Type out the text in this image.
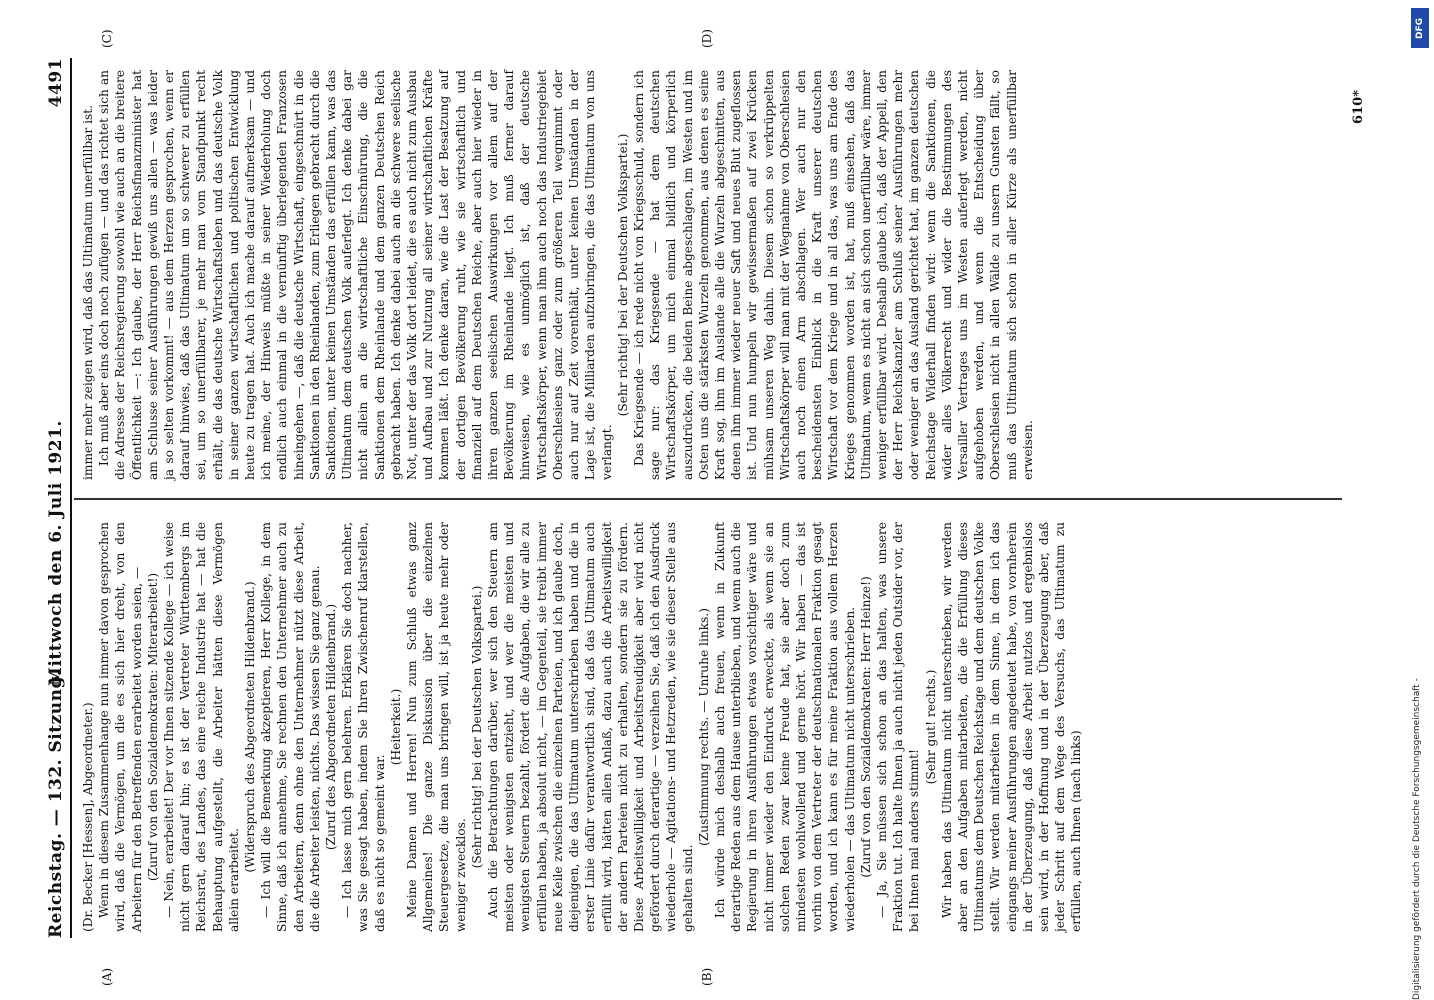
Reichstag. — 132. Sitzung.
Mittwoch den 6. Juli 1921.  4491
(A)	(B)
(C)	(D)

(Dr. Becker [Hessen], Abgeordneter.) Wenn in diesem Zusammenhange nun immer davon gesprochen wird, daß die Vermögen, um die es sich hier dreht, von den Arbeitern für den Betreffenden erarbeitet worden seien, — (Zuruf von den Sozialdemokraten: Miterarbeitet!) — Nein, erarbeitet! Der vor Ihnen sitzende Kollege — ich weise nicht gern darauf hin; es ist der Vertreter Württembergs im Reichsrat, des Landes, das eine reiche Industrie hat — hat die Behauptung aufgestellt, die Arbeiter hätten diese Vermögen allein erarbeitet.

(Widerspruch des Abgeordneten Hildenbrand.) — Ich will die Bemerkung akzeptieren, Herr Kollege, in dem Sinne, daß ich annehme, Sie rechnen den Unternehmer auch zu den Arbeitern, denn ohne den Unternehmer nützt diese Arbeit, die die Arbeiter leisten, nichts. Das wissen Sie ganz genau. (Zuruf des Abgeordneten Hildenbrand.) — Ich lasse mich gern belehren. Erklären Sie doch nachher, was Sie gesagt haben, indem Sie Ihren Zwischenruf klarstellen, daß es nicht so gemeint war.

(Heiterkeit.) Meine Damen und Herren! Nun zum Schluß etwas ganz Allgemeines! Die ganze Diskussion über die einzelnen Steuergesetze, die man uns bringen will, ist ja heute mehr oder weniger zwecklos.

(Sehr richtig! bei der Deutschen Volkspartei.) Auch die Betrachtungen darüber, wer sich den Steuern am meisten oder wenigsten entzieht, und wer die meisten und wenigsten Steuern bezahlt, fördert die Aufgaben, die wir alle zu erfüllen haben, ja absolut nicht, — im Gegenteil, sie treibt immer neue Keile zwischen die einzelnen Parteien, und ich glaube doch, diejenigen, die das Ultimatum unterschrieben haben und die in erster Linie dafür verantwortlich sind, daß das Ultimatum auch erfüllt wird, hätten allen Anlaß, dazu auch die Arbeitswilligkeit der andern Parteien nicht zu erhalten, sondern sie zu fördern. Diese Arbeitswilligkeit und Arbeitsfreudigkeit aber wird nicht gefördert durch derartige — verzeihen Sie, daß ich den Ausdruck wiederhole — Agitations- und Hetzreden, wie sie dieser Stelle aus gehalten sind.

(Zustimmung rechts. — Unruhe links.) Ich würde mich deshalb auch freuen, wenn in Zukunft derartige Reden aus dem Hause unterblieben, und wenn auch die Regierung in ihren Ausführungen etwas vorsichtiger wäre und nicht immer wieder den Eindruck erweckte, als wenn sie an solchen Reden zwar keine Freude hat, sie aber doch zum mindesten wohlwollend und gerne hört. Wir haben — das ist vorhin von dem Vertreter der deutschnationalen Fraktion gesagt worden, und ich kann es für meine Fraktion aus vollem Herzen wiederholen — das Ultimatum nicht unterschrieben. (Zuruf von den Sozialdemokraten: Herr Heinze!) — Ja, Sie müssen sich schon an das halten, was unsere Fraktion tut. Ich halte Ihnen ja auch nicht jeden Outsider vor, der bei Ihnen mal anders stimmt!

(Sehr gut! rechts.) Wir haben das Ultimatum nicht unterschrieben, wir werden aber an den Aufgaben mitarbeiten, die die Erfüllung dieses Ultimatums dem Deutschen Reichstage und dem deutschen Volke stellt. Wir werden mitarbeiten in dem Sinne, in dem ich das eingangs meiner Ausführungen angedeutet habe, von vornherein in der Überzeugung, daß diese Arbeit nutzlos und ergebnislos sein wird, in der Hoffnung und in der Überzeugung aber, daß jeder Schritt auf dem Wege des Versuchs, das Ultimatum zu erfüllen, auch Ihnen (nach links)

immer mehr zeigen wird, daß das Ultimatum unerfüllbar ist. Ich muß aber eins doch noch zufügen — und das richtet sich an die Adresse der Reichsregierung sowohl wie auch an die breitere Öffentlichkeit —: Ich glaube, der Herr Reichsfinanzminister hat am Schlusse seiner Ausführungen gewiß uns allen — was leider ja so selten vorkommt! — aus dem Herzen gesprochen, wenn er darauf hinwies, daß das Ultimatum um so schwerer zu erfüllen sei, um so unerfüllbarer, je mehr man vom Standpunkt recht erhält, die das deutsche Wirtschaftsleben und das deutsche Volk in seiner ganzen wirtschaftlichen und politischen Entwicklung heute zu tragen hat. Auch ich mache darauf aufmerksam — und ich meine, der Hinweis müßte in seiner Wiederholung doch endlich auch einmal in die vernünftig überlegenden Franzosen hineingehen —, daß die deutsche Wirtschaft, eingeschnürt in die Sanktionen in den Rheinlanden, zum Erliegen gebracht durch die Sanktionen, unter keinen Umständen das erfüllen kann, was das Ultimatum dem deutschen Volk auferlegt. Ich denke dabei gar nicht allein an die wirtschaftliche Einschnürung, die die Sanktionen dem Rheinlande und dem ganzen Deutschen Reich gebracht haben. Ich denke dabei auch an die schwere seelische Not, unter der das Volk dort leidet, die es auch nicht zum Ausbau und Aufbau und zur Nutzung all seiner wirtschaftlichen Kräfte kommen läßt. Ich denke daran, wie die Last der Besatzung auf der dortigen Bevölkerung ruht, wie sie wirtschaftlich und finanziell auf dem Deutschen Reiche, aber auch hier wieder in ihren ganzen seelischen Auswirkungen vor allem auf der Bevölkerung im Rheinlande liegt. Ich muß ferner darauf hinweisen, wie es unmöglich ist, daß der deutsche Wirtschaftskörper, wenn man ihm auch noch das Industriegebiet Oberschlesiens ganz oder zum größeren Teil wegnimmt oder auch nur auf Zeit vorenthält, unter keinen Umständen in der Lage ist, die Milliarden aufzubringen, die das Ultimatum von uns verlangt.

(Sehr richtig! bei der Deutschen Volkspartei.) Das Kriegsende — ich rede nicht von Kriegsschuld, sondern ich sage nur: das Kriegsende — hat dem deutschen Wirtschaftskörper, um mich einmal bildlich und körperlich auszudrücken, die beiden Beine abgeschlagen, im Westen und im Osten uns die stärksten Wurzeln genommen, aus denen es seine Kraft sog, ihm im Auslande alle die Wurzeln abgeschnitten, aus denen ihm immer wieder neuer Saft und neues Blut zugeflossen ist. Und nun humpeln wir gewissermaßen auf zwei Krücken mühsam unseren Weg dahin. Diesem schon so verkrüppelten Wirtschaftskörper will man mit der Wegnahme von Oberschlesien auch noch einen Arm abschlagen. Wer auch nur den bescheidensten Einblick in die Kraft unserer deutschen Wirtschaft vor dem Kriege und in all das, was uns am Ende des Krieges genommen worden ist, hat, muß einsehen, daß das Ultimatum, wenn es nicht an sich schon unerfüllbar wäre, immer weniger erfüllbar wird. Deshalb glaube ich, daß der Appell, den der Herr Reichskanzler am Schluß seiner Ausführungen mehr oder weniger an das Ausland gerichtet hat, im ganzen deutschen Reichstage Widerhall finden wird: wenn die Sanktionen, die wider alles Völkerrecht und wider die Bestimmungen des Versailler Vertrages uns im Westen auferlegt werden, nicht aufgehoben werden, und wenn die Entscheidung über Oberschlesien nicht in allen Wälde zu unsern Gunsten fällt, so muß das Ultimatum sich schon in aller Kürze als unerfüllbar erweisen.

610*
DFG
Digitalisierung gefördert durch die Deutsche Forschungsgemeinschaft -
